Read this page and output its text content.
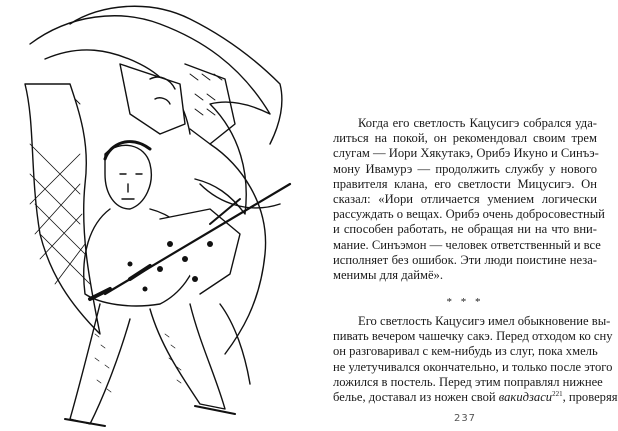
Когда его светлость Кацусигэ собрался уда-
литься на покой, он рекомендовал своим трем
слугам — Иори Хякутакэ, Орибэ Икуно и Синъэ-
мону Ивамурэ — продолжить службу у нового
правителя клана, его светлости Мицусигэ. Он
сказал: «Иори отличается умением логически
рассуждать о вещах. Орибэ очень добросовестный
и способен работать, не обращая ни на что вни-
мание. Синъэмон — человек ответственный и все
исполняет без ошибок. Эти люди поистине неза-
менимы для даймё».
* * *
Его светлость Кацусигэ имел обыкновение вы-
пивать вечером чашечку сакэ. Перед отходом ко сну
он разговаривал с кем-нибудь из слуг, пока хмель
не улетучивался окончательно, и только после этого
ложился в постель. Перед этим поправлял нижнее
белье, доставал из ножен свой вакидзаси$^{221}$, проверяя
237
